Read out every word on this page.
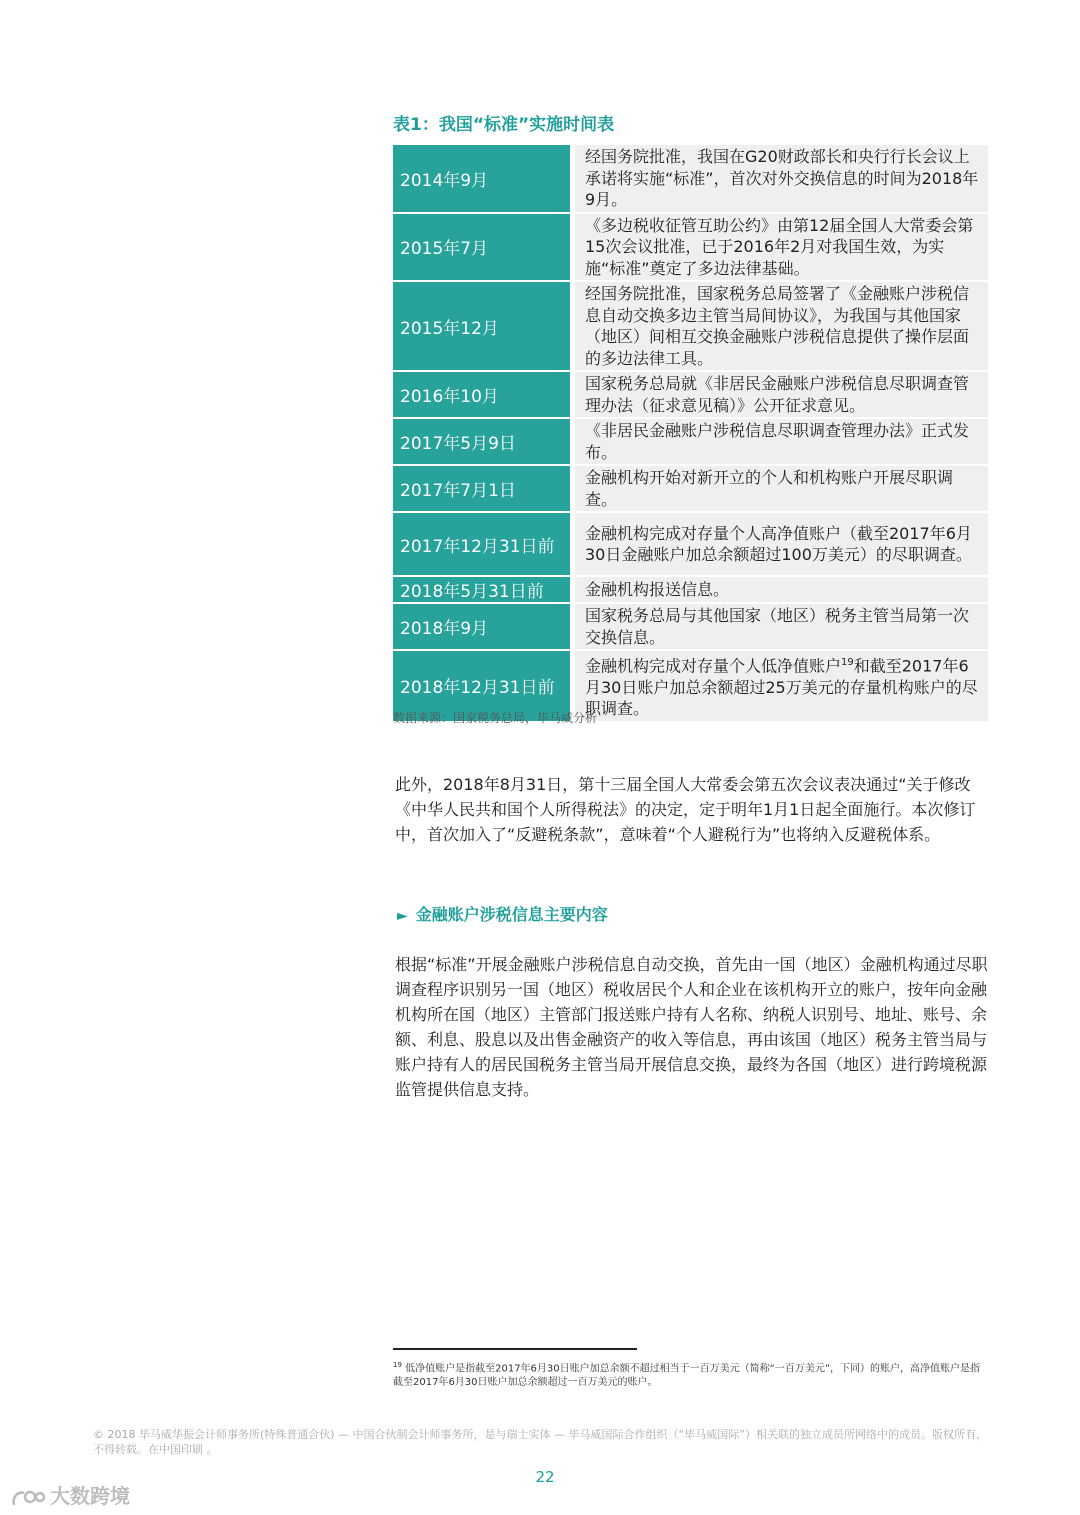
表1：我国“标准”实施时间表
2014年9月	经国务院批准，我国在G20财政部长和央行行长会议上承诺将实施“标准”，首次对外交换信息的时间为2018年9月。
2015年7月	《多边税收征管互助公约》由第12届全国人大常委会第15次会议批准，已于2016年2月对我国生效，为实施“标准”奠定了多边法律基础。
2015年12月	经国务院批准，国家税务总局签署了《金融账户涉税信息自动交换多边主管当局间协议》，为我国与其他国家（地区）间相互交换金融账户涉税信息提供了操作层面的多边法律工具。
2016年10月	国家税务总局就《非居民金融账户涉税信息尽职调查管理办法（征求意见稿）》公开征求意见。
2017年5月9日	《非居民金融账户涉税信息尽职调查管理办法》正式发布。
2017年7月1日	金融机构开始对新开立的个人和机构账户开展尽职调查。
2017年12月31日前	金融机构完成对存量个人高净值账户（截至2017年6月30日金融账户加总余额超过100万美元）的尽职调查。
2018年5月31日前	金融机构报送信息。
2018年9月	国家税务总局与其他国家（地区）税务主管当局第一次交换信息。
2018年12月31日前	金融机构完成对存量个人低净值账户$^{19}$和截至2017年6月30日账户加总余额超过25万美元的存量机构账户的尽职调查。
数据来源：国家税务总局，毕马威分析

此外，2018年8月31日，第十三届全国人大常委会第五次会议表决通过“关于修改《中华人民共和国个人所得税法》的决定，定于明年1月1日起全面施行。本次修订中，首次加入了“反避税条款”，意味着“个人避税行为”也将纳入反避税体系。

► 金融账户涉税信息主要内容

根据“标准”开展金融账户涉税信息自动交换，首先由一国（地区）金融机构通过尽职调查程序识别另一国（地区）税收居民个人和企业在该机构开立的账户，按年向金融机构所在国（地区）主管部门报送账户持有人名称、纳税人识别号、地址、账号、余额、利息、股息以及出售金融资产的收入等信息，再由该国（地区）税务主管当局与账户持有人的居民国税务主管当局开展信息交换，最终为各国（地区）进行跨境税源监管提供信息支持。

$^{19}$ 低净值账户是指截至2017年6月30日账户加总余额不超过相当于一百万美元（简称“一百万美元”，下同）的账户，高净值账户是指截至2017年6月30日账户加总余额超过一百万美元的账户。
© 2018 毕马威华振会计师事务所(特殊普通合伙) — 中国合伙制会计师事务所，是与瑞士实体 — 毕马威国际合作组织（“毕马威国际”）相关联的独立成员所网络中的成员。版权所有，不得转载。在中国印刷 。
22
大数跨境
